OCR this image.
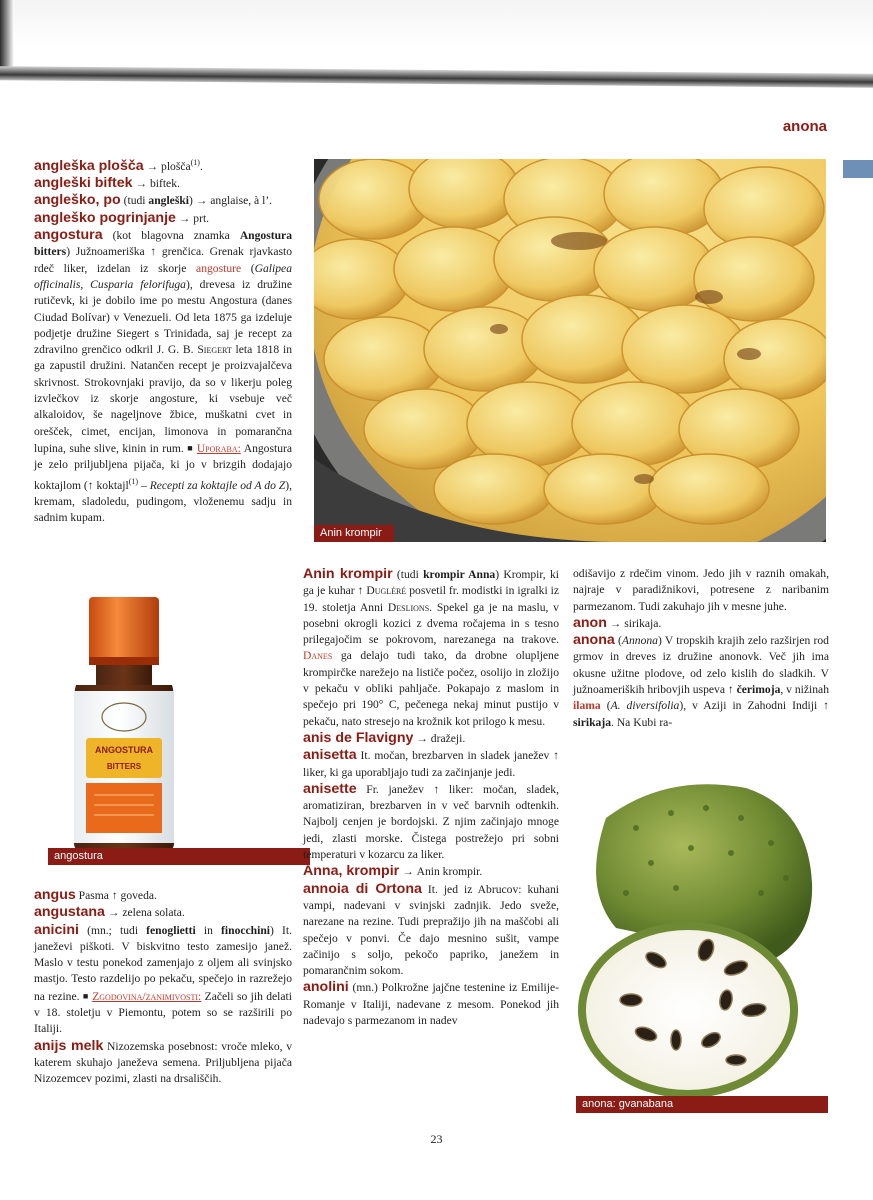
anona

angleška plošča → plošča$^{(1)}$.

angleški biftek → biftek.

angleško, po (tudi angleški) → anglaise, à l’.

angleško pogrinjanje → prt.

angostura (kot blagovna znamka Angostura bitters) Južnoameriška ↑ grenčica. Grenak rjavkasto rdeč liker, izdelan iz skorje angosture (Galipea officinalis, Cusparia felorifuga), drevesa iz družine rutičevk, ki je dobilo ime po mestu Angostura (danes Ciudad Bolívar) v Venezueli. Od leta 1875 ga izdeluje podjetje družine Siegert s Trinidada, saj je recept za zdravilno grenčico odkril J. G. B. Siegert leta 1818 in ga zapustil družini. Natančen recept je proizvajalčeva skrivnost. Strokovnjaki pravijo, da so v likerju poleg izvlečkov iz skorje angosture, ki vsebuje več alkaloidov, še nageljnove žbice, muškatni cvet in orešček, cimet, encijan, limonova in pomarančna lupina, suhe slive, kinin in rum. ■ Uporaba: Angostura je zelo priljubljena pijača, ki jo v brizgih dodajajo koktajlom (↑ koktajl$^{(1)}$ – Recepti za koktajle od A do Z), kremam, sladoledu, pudingom, vloženemu sadju in sadnim kupam.

ANGOSTURA
BITTERS
angostura

angus Pasma ↑ goveda.

angustana → zelena solata.

anicini (mn.; tudi fenoglietti in finocchini) It. janeževi piškoti. V biskvitno testo zamesijo janež. Maslo v testu ponekod zamenjajo z oljem ali svinjsko mastjo. Testo razdelijo po pekaču, spečejo in razrežejo na rezine. ■ Zgodovina/zanimivosti: Začeli so jih delati v 18. stoletju v Piemontu, potem so se razširili po Italiji.

anijs melk Nizozemska posebnost: vroče mleko, v katerem skuhajo janeževa semena. Priljubljena pijača Nizozemcev pozimi, zlasti na drsališčih.

Anin krompir

Anin krompir (tudi krompir Anna) Krompir, ki ga je kuhar ↑ Dugléré posvetil fr. modistki in igralki iz 19. stoletja Anni Deslions. Spekel ga je na maslu, v posebni okrogli kozici z dvema ročajema in s tesno prilegajočim se pokrovom, narezanega na trakove. Danes ga delajo tudi tako, da drobne olupljene krompirčke narežejo na lističe počez, osolijo in zložijo v pekaču v obliki pahljače. Pokapajo z maslom in spečejo pri 190° C, pečenega nekaj minut pustijo v pekaču, nato stresejo na krožnik kot prilogo k mesu.

anis de Flavigny → dražeji.

anisetta It. močan, brezbarven in sladek janežev ↑ liker, ki ga uporabljajo tudi za začinjanje jedi.

anisette Fr. janežev ↑ liker: močan, sladek, aromatiziran, brezbarven in v več barvnih odtenkih. Najbolj cenjen je bordojski. Z njim začinjajo mnoge jedi, zlasti morske. Čistega postrežejo pri sobni temperaturi v kozarcu za liker.

Anna, krompir → Anin krompir.

annoia di Ortona It. jed iz Abrucov: kuhani vampi, nadevani v svinjski zadnjik. Jedo sveže, narezane na rezine. Tudi prepražijo jih na maščobi ali spečejo v ponvi. Če dajo mesnino sušit, vampe začinijo s soljo, pekočo papriko, janežem in pomarančnim sokom.

anolini (mn.) Polkrožne jajčne testenine iz Emilije-Romanje v Italiji, nadevane z mesom. Ponekod jih nadevajo s parmezanom in nadev

odišavijo z rdečim vinom. Jedo jih v raznih omakah, najraje v paradižnikovi, potresene z naribanim parmezanom. Tudi zakuhajo jih v mesne juhe.

anon → sirikaja.

anona (Annona) V tropskih krajih zelo razširjen rod grmov in dreves iz družine anonovk. Več jih ima okusne užitne plodove, od zelo kislih do sladkih. V južnoameriških hribovjih uspeva ↑ čerimoja, v nižinah ilama (A. diversifolia), v Aziji in Zahodni Indiji ↑ sirikaja. Na Kubi ra-

anona: gvanabana
23
